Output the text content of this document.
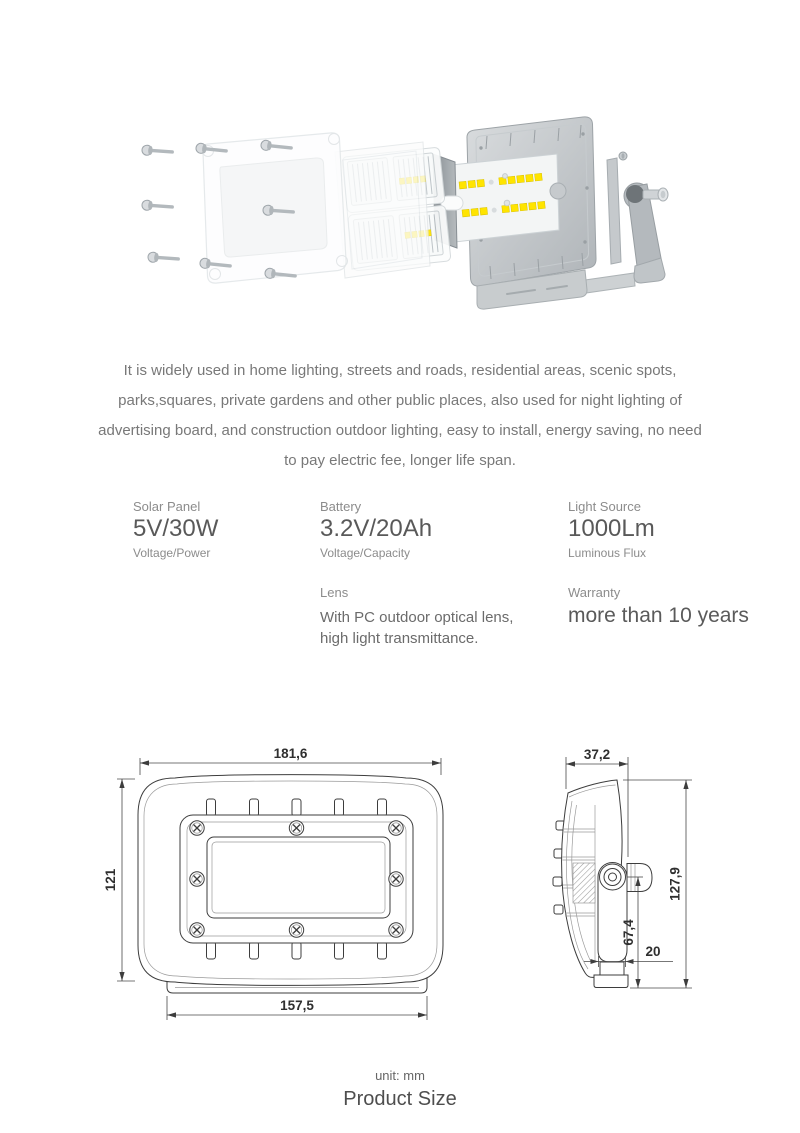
It is widely used in home lighting, streets and roads, residential areas, scenic spots,
parks,squares, private gardens and other public places, also used for night lighting of
advertising board, and construction outdoor lighting, easy to install, energy saving, no need
to pay electric fee, longer life span.
Solar Panel
5V/30W
Voltage/Power
Battery
3.2V/20Ah
Voltage/Capacity
Light Source
1000Lm
Luminous Flux
Lens
With PC outdoor optical lens,
high light transmittance.
Warranty
more than 10 years
181,6
121
157,5
37,2
127,9
67,4
20
unit: mm
Product Size
